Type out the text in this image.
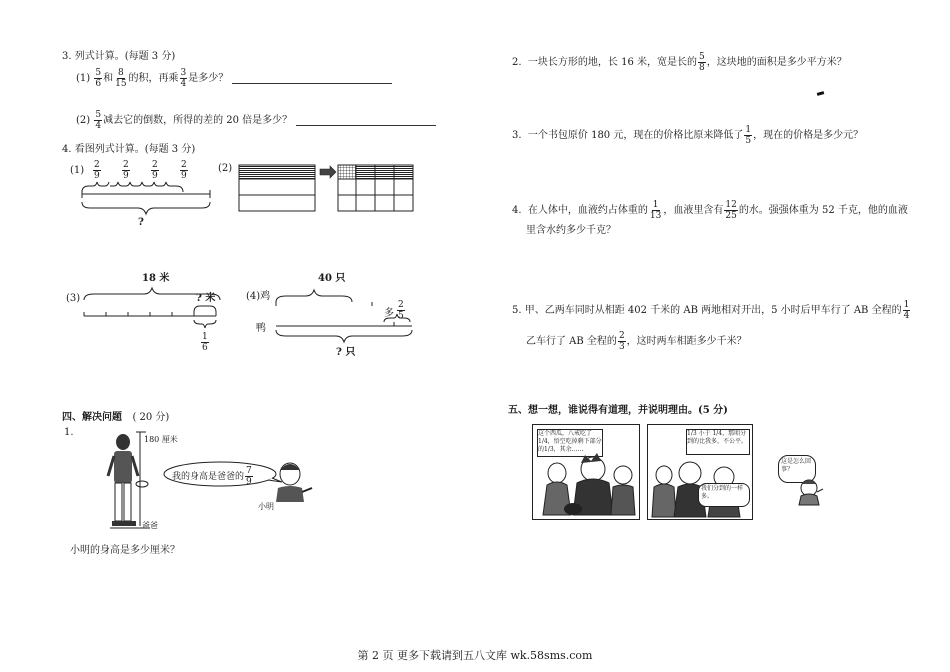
3. 列式计算。(每题 3 分)
(1)
$\frac{5}{6}$ 和 $\frac{8}{15}$ 的积，再乘 $\frac{3}{4}$ 是多少？
(2)
$\frac{5}{4}$ 减去它的倒数，所得的差的 20 倍是多少？
4. 看图列式计算。(每题 3 分)
$(1) \frac{2}{9} \frac{2}{9} \frac{2}{9} \frac{2}{9}$
?
(2)
18 米
(3)	? 米
$\frac{1}{6}$
40 只
(4)鸡
多 $\frac{2}{5}$
鸭
? 只
四、解决问题 ( 20 分)
1.
180 厘米
爸爸
我的身高是爸爸的 $\frac{7}{9}$
小明
小明的身高是多少厘米？
2.
一块长方形的地，长 16 米，宽是长的 $\frac{5}{8}$ ，这块地的面积是多少平方米？
3.
一个书包原价 180 元，现在的价格比原来降低了 $\frac{1}{5}$ ，现在的价格是多少元？
4.
在人体中，血液约占体重的 $\frac{1}{13}$ ，血液里含有 $\frac{12}{25}$ 的水。强强体重为 52 千克，他的血液
里含水约多少千克？
5.
甲、乙两车同时从相距 402 千米的 AB 两地相对开出，5 小时后甲车行了 AB 全程的 $\frac{1}{4}$
乙车行了 AB 全程的 $\frac{2}{3}$ ，这时两车相距多少千米？
五、想一想，谁说得有道理，并说明理由。(5 分)
这个西瓜，八戒吃了1/4，悟空吃掉剩下部分的1/3，其余……
1/3 小于 1/4，那咱分到的比我多，不公平。
我们分到的一样多。
这是怎么回事？
第 2 页 更多下载请到五八文库 wk.58sms.com
